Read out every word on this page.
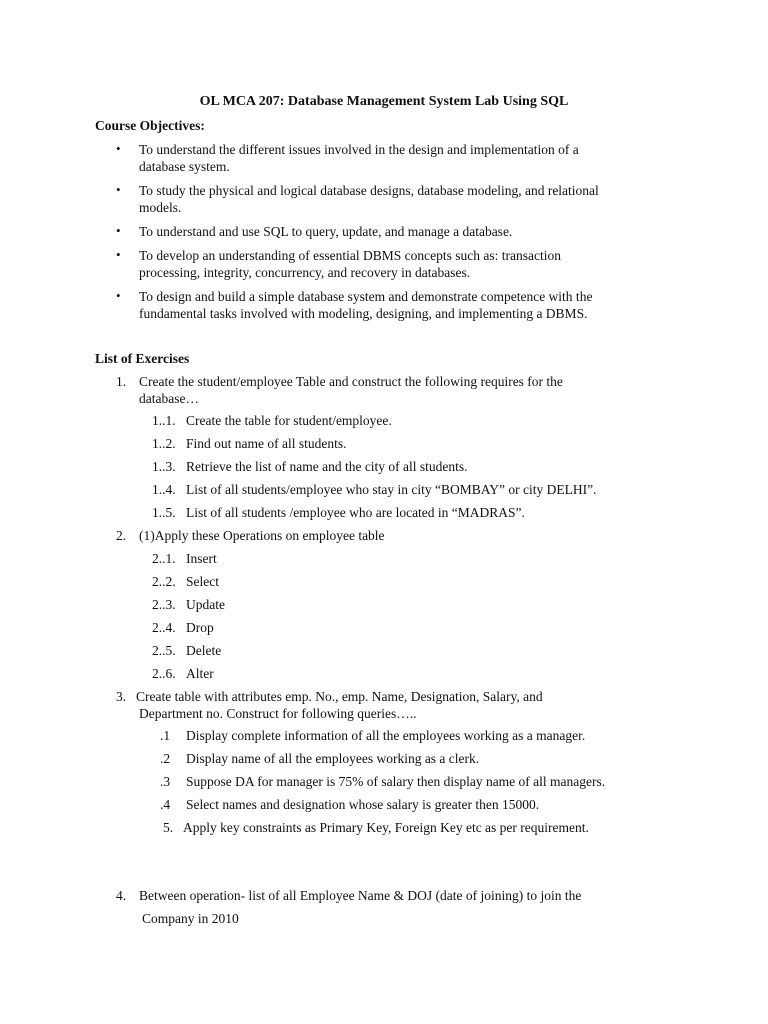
OL MCA 207: Database Management System Lab Using SQL
Course Objectives:
• To understand the different issues involved in the design and implementation of a
database system.
• To study the physical and logical database designs, database modeling, and relational
models.
• To understand and use SQL to query, update, and manage a database.
• To develop an understanding of essential DBMS concepts such as: transaction
processing, integrity, concurrency, and recovery in databases.
• To design and build a simple database system and demonstrate competence with the
fundamental tasks involved with modeling, designing, and implementing a DBMS.
List of Exercises
1. Create the student/employee Table and construct the following requires for the
database…
1..1. Create the table for student/employee.
1..2. Find out name of all students.
1..3. Retrieve the list of name and the city of all students.
1..4. List of all students/employee who stay in city “BOMBAY” or city DELHI”.
1..5. List of all students /employee who are located in “MADRAS”.
2. (1)Apply these Operations on employee table
2..1. Insert
2..2. Select
2..3. Update
2..4. Drop
2..5. Delete
2..6. Alter
3. Create table with attributes emp. No., emp. Name, Designation, Salary, and
Department no. Construct for following queries…..
.1 Display complete information of all the employees working as a manager.
.2 Display name of all the employees working as a clerk.
.3 Suppose DA for manager is 75% of salary then display name of all managers.
.4 Select names and designation whose salary is greater then 15000.
5. Apply key constraints as Primary Key, Foreign Key etc as per requirement.
4. Between operation- list of all Employee Name & DOJ (date of joining) to join the
Company in 2010
